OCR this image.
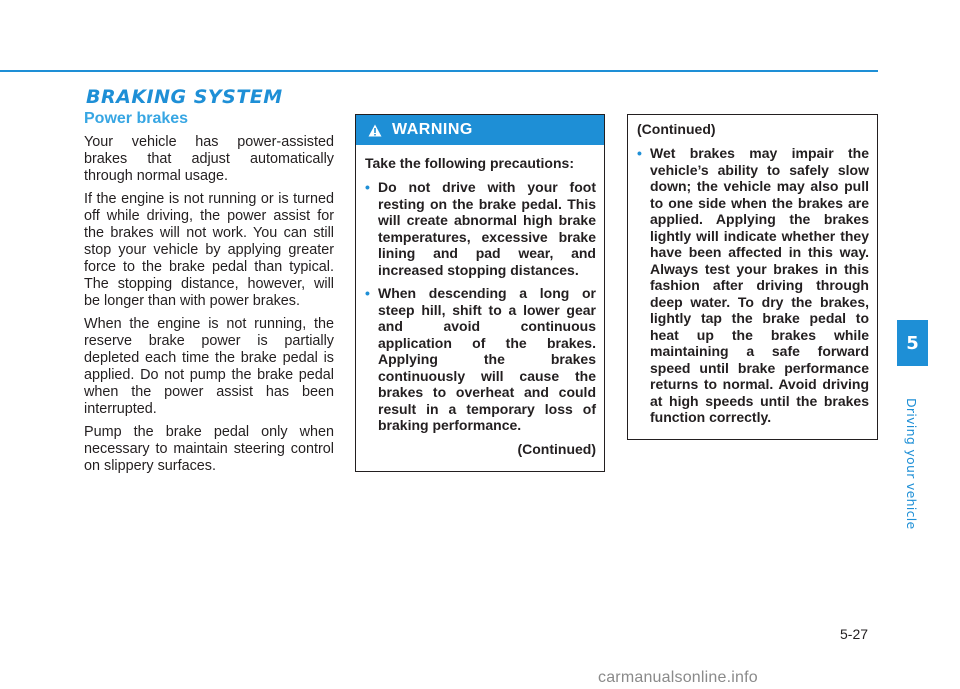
BRAKING SYSTEM
Power brakes

Your vehicle has power-assisted brakes that adjust automatically through normal usage.

If the engine is not running or is turned off while driving, the power assist for the brakes will not work. You can still stop your vehicle by applying greater force to the brake pedal than typical. The stopping distance, however, will be longer than with power brakes.

When the engine is not running, the reserve brake power is partially depleted each time the brake pedal is applied. Do not pump the brake pedal when the power assist has been interrupted.

Pump the brake pedal only when necessary to maintain steering control on slippery surfaces.

WARNING

Take the following precautions:

• Do not drive with your foot resting on the brake pedal. This will create abnormal high brake temperatures, excessive brake lining and pad wear, and increased stopping distances.
• When descending a long or steep hill, shift to a lower gear and avoid continuous application of the brakes. Applying the brakes continuously will cause the brakes to overheat and could result in a temporary loss of braking performance.

(Continued)

(Continued)

• Wet brakes may impair the vehicle’s ability to safely slow down; the vehicle may also pull to one side when the brakes are applied. Applying the brakes lightly will indicate whether they have been affected in this way. Always test your brakes in this fashion after driving through deep water. To dry the brakes, lightly tap the brake pedal to heat up the brakes while maintaining a safe forward speed until brake performance returns to normal. Avoid driving at high speeds until the brakes function correctly.
5
Driving your vehicle
5-27
carmanualsonline.info
